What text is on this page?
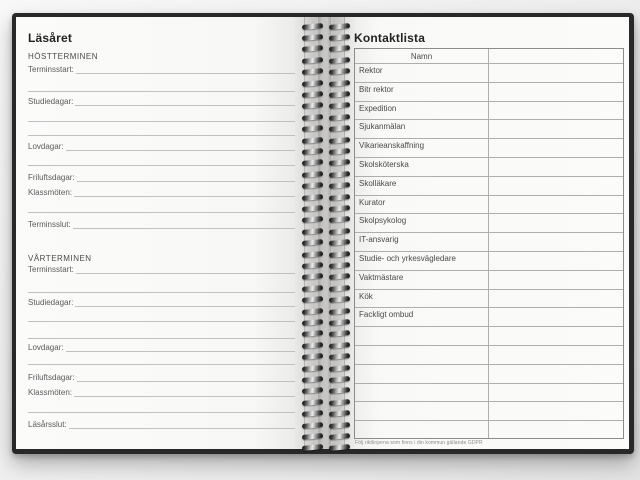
Läsåret
HÖSTTERMINEN
VÅRTERMINEN
Terminsstart:
Studiedagar:
Lovdagar:
Friluftsdagar:
Klassmöten:
Terminsslut:
Terminsstart:
Studiedagar:
Lovdagar:
Friluftsdagar:
Klassmöten:
Läsårsslut:
Kontaktlista
Namn
Rektor
Bitr rektor
Expedition
Sjukanmälan
Vikarieanskaffning
Skolsköterska
Skolläkare
Kurator
Skolpsykolog
IT-ansvarig
Studie- och yrkesvägledare
Vaktmästare
Kök
Fackligt ombud
Följ riktlinjerna som finns i din kommun gällande GDPR
